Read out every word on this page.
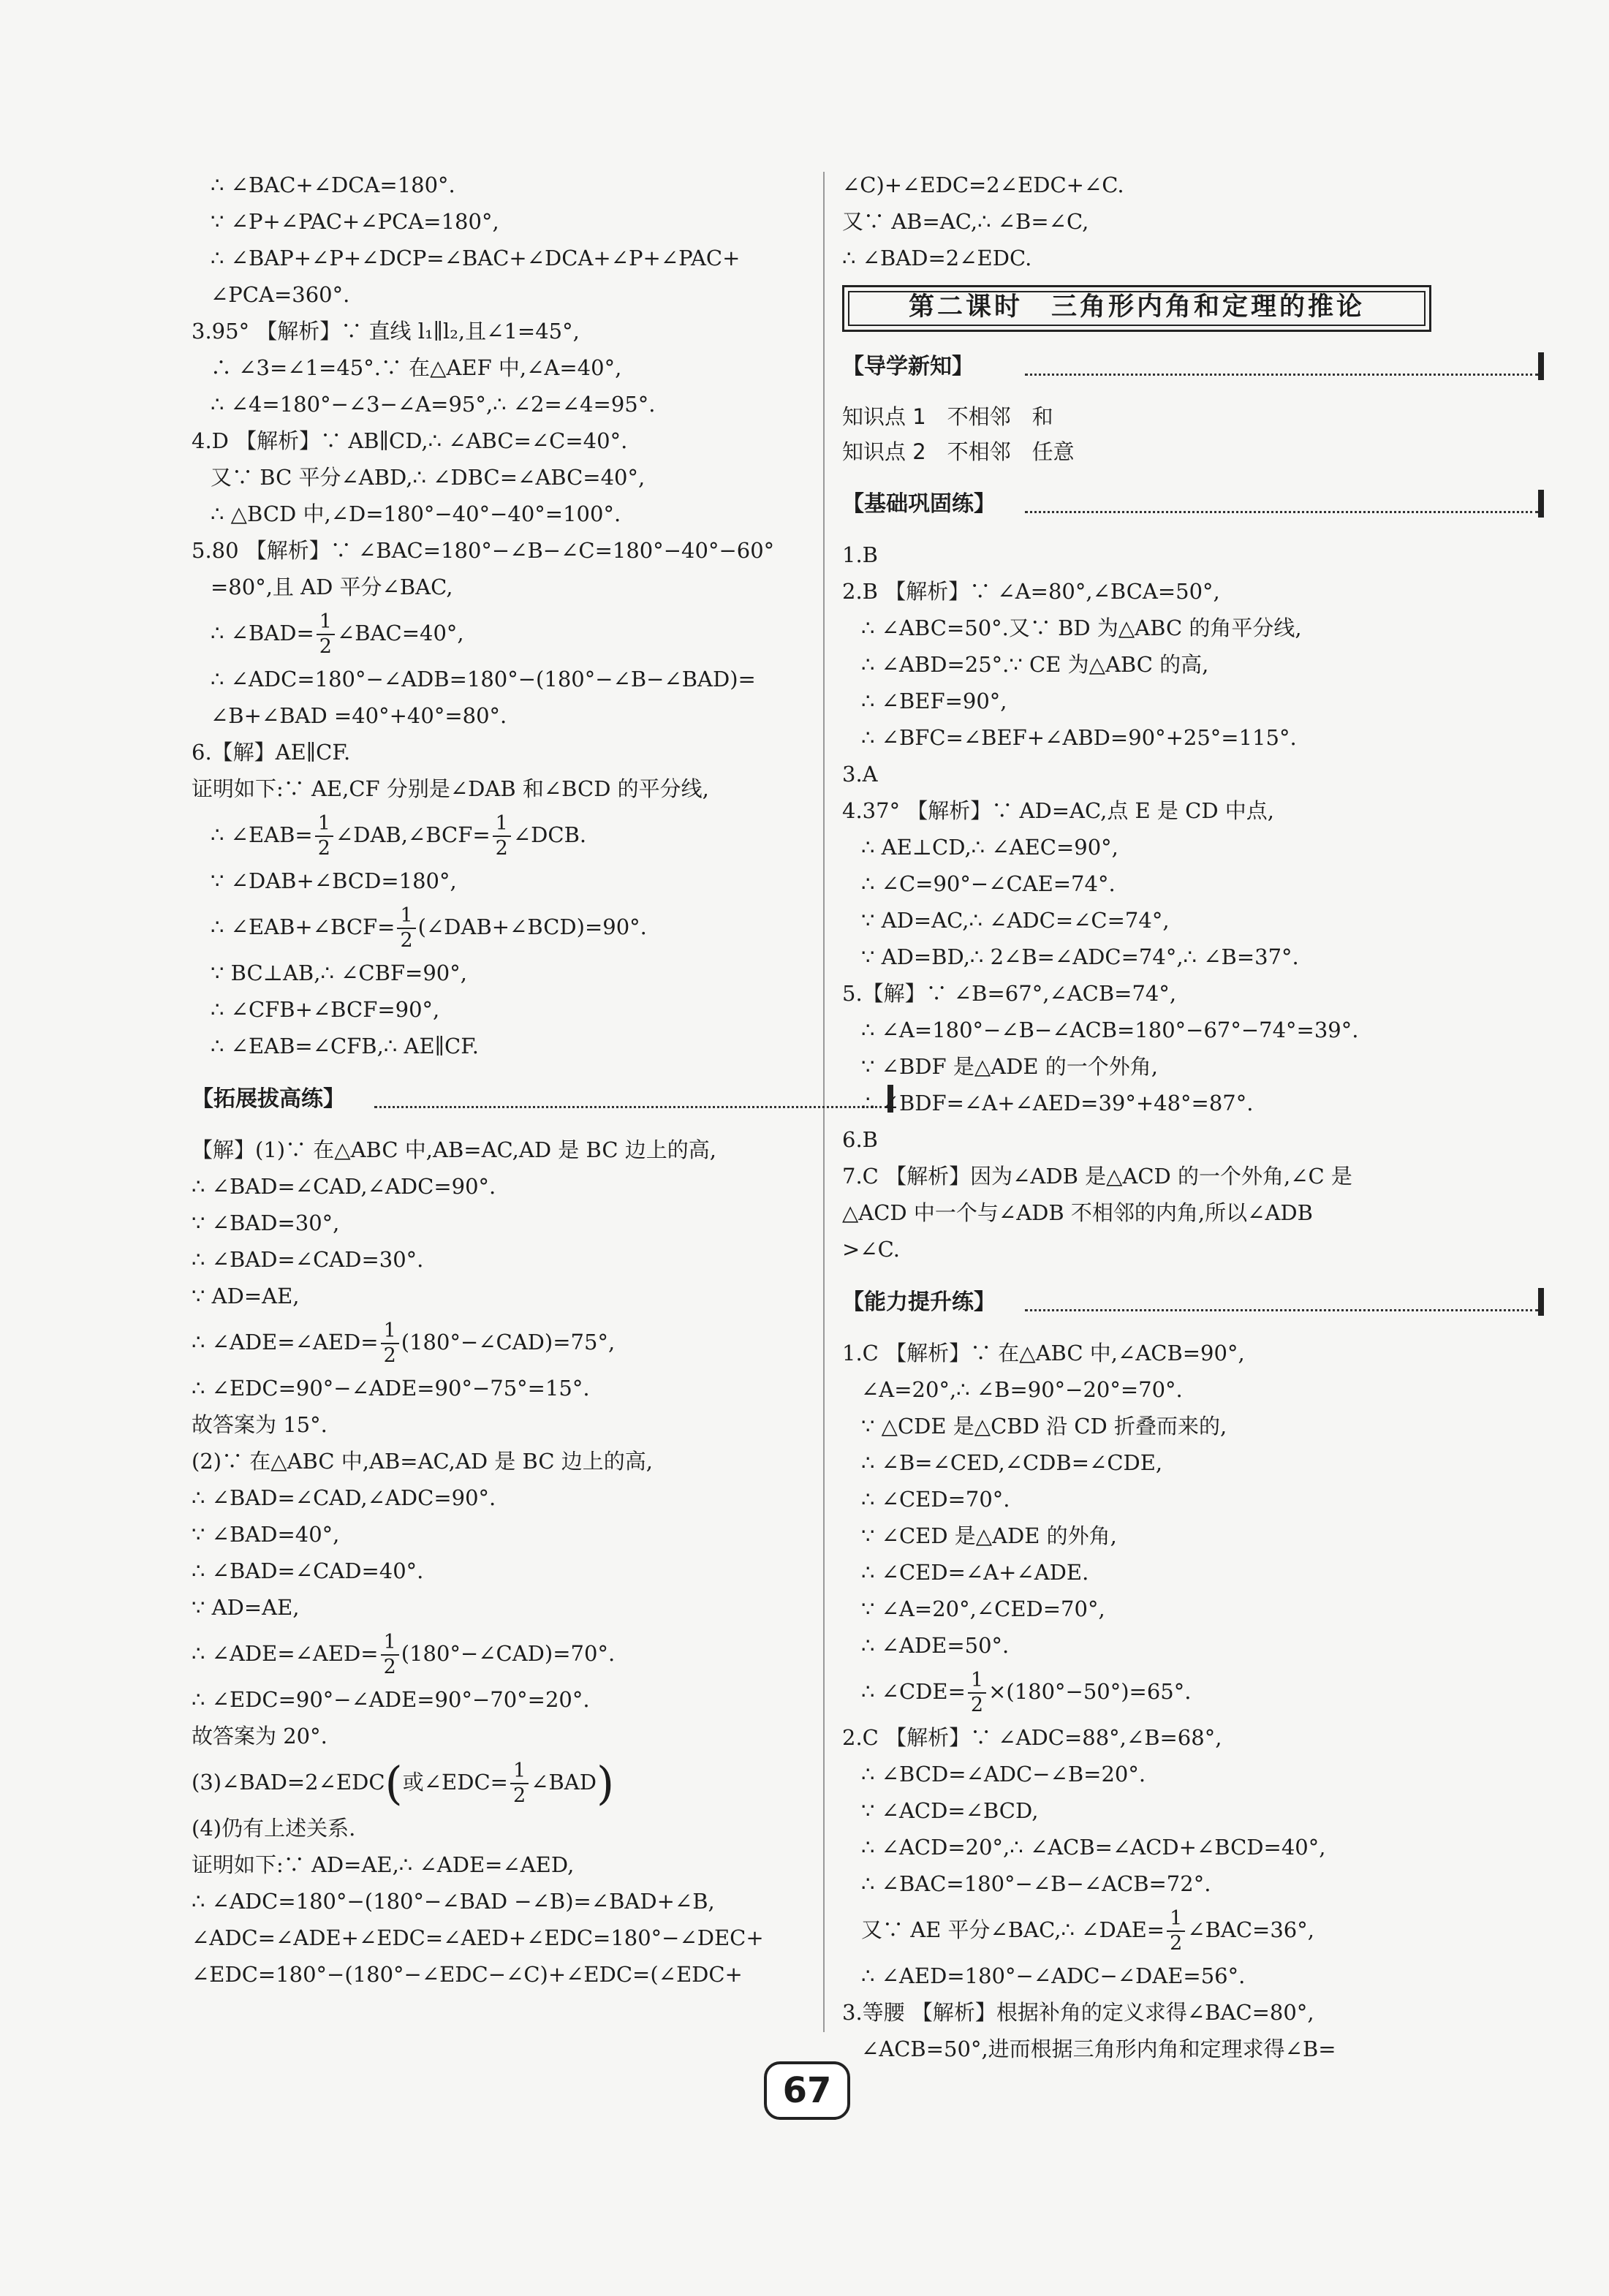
∴ ∠BAC+∠DCA=180°.
∵ ∠P+∠PAC+∠PCA=180°,
∴ ∠BAP+∠P+∠DCP=∠BAC+∠DCA+∠P+∠PAC+
∠PCA=360°.
3.95° 【解析】∵ 直线 l₁∥l₂,且∠1=45°,
∴ ∠3=∠1=45°.∵ 在△AEF 中,∠A=40°,
∴ ∠4=180°−∠3−∠A=95°,∴ ∠2=∠4=95°.
4.D 【解析】∵ AB∥CD,∴ ∠ABC=∠C=40°.
又∵ BC 平分∠ABD,∴ ∠DBC=∠ABC=40°,
∴ △BCD 中,∠D=180°−40°−40°=100°.
5.80 【解析】∵ ∠BAC=180°−∠B−∠C=180°−40°−60°
=80°,且 AD 平分∠BAC,
∴ ∠BAD= $\frac{1}{2}$ ∠BAC=40°,
∴ ∠ADC=180°−∠ADB=180°−(180°−∠B−∠BAD)=
∠B+∠BAD =40°+40°=80°.
6.【解】AE∥CF.
证明如下:∵ AE,CF 分别是∠DAB 和∠BCD 的平分线,
∴ ∠EAB= $\frac{1}{2}$ ∠DAB,∠BCF= $\frac{1}{2}$ ∠DCB.
∵ ∠DAB+∠BCD=180°,
∴ ∠EAB+∠BCF= $\frac{1}{2}$ (∠DAB+∠BCD)=90°.
∵ BC⊥AB,∴ ∠CBF=90°,
∴ ∠CFB+∠BCF=90°,
∴ ∠EAB=∠CFB,∴ AE∥CF.
【拓展拔高练】
【解】(1)∵ 在△ABC 中,AB=AC,AD 是 BC 边上的高,
∴ ∠BAD=∠CAD,∠ADC=90°.
∵ ∠BAD=30°,
∴ ∠BAD=∠CAD=30°.
∵ AD=AE,
∴ ∠ADE=∠AED= $\frac{1}{2}$ (180°−∠CAD)=75°,
∴ ∠EDC=90°−∠ADE=90°−75°=15°.
故答案为 15°.
(2)∵ 在△ABC 中,AB=AC,AD 是 BC 边上的高,
∴ ∠BAD=∠CAD,∠ADC=90°.
∵ ∠BAD=40°,
∴ ∠BAD=∠CAD=40°.
∵ AD=AE,
∴ ∠ADE=∠AED= $\frac{1}{2}$ (180°−∠CAD)=70°.
∴ ∠EDC=90°−∠ADE=90°−70°=20°.
故答案为 20°.
(3)∠BAD=2∠EDC(或∠EDC= $\frac{1}{2}$ ∠BAD)
(4)仍有上述关系.
证明如下:∵ AD=AE,∴ ∠ADE=∠AED,
∴ ∠ADC=180°−(180°−∠BAD −∠B)=∠BAD+∠B,
∠ADC=∠ADE+∠EDC=∠AED+∠EDC=180°−∠DEC+
∠EDC=180°−(180°−∠EDC−∠C)+∠EDC=(∠EDC+
∠C)+∠EDC=2∠EDC+∠C.
又∵ AB=AC,∴ ∠B=∠C,
∴ ∠BAD=2∠EDC.
第二课时　三角形内角和定理的推论
【导学新知】
知识点 1　不相邻　和
知识点 2　不相邻　任意
【基础巩固练】
1.B
2.B 【解析】∵ ∠A=80°,∠BCA=50°,
∴ ∠ABC=50°.又∵ BD 为△ABC 的角平分线,
∴ ∠ABD=25°.∵ CE 为△ABC 的高,
∴ ∠BEF=90°,
∴ ∠BFC=∠BEF+∠ABD=90°+25°=115°.
3.A
4.37° 【解析】∵ AD=AC,点 E 是 CD 中点,
∴ AE⊥CD,∴ ∠AEC=90°,
∴ ∠C=90°−∠CAE=74°.
∵ AD=AC,∴ ∠ADC=∠C=74°,
∵ AD=BD,∴ 2∠B=∠ADC=74°,∴ ∠B=37°.
5.【解】∵ ∠B=67°,∠ACB=74°,
∴ ∠A=180°−∠B−∠ACB=180°−67°−74°=39°.
∵ ∠BDF 是△ADE 的一个外角,
∴ ∠BDF=∠A+∠AED=39°+48°=87°.
6.B
7.C 【解析】因为∠ADB 是△ACD 的一个外角,∠C 是
△ACD 中一个与∠ADB 不相邻的内角,所以∠ADB
>∠C.
【能力提升练】
1.C 【解析】∵ 在△ABC 中,∠ACB=90°,
∠A=20°,∴ ∠B=90°−20°=70°.
∵ △CDE 是△CBD 沿 CD 折叠而来的,
∴ ∠B=∠CED,∠CDB=∠CDE,
∴ ∠CED=70°.
∵ ∠CED 是△ADE 的外角,
∴ ∠CED=∠A+∠ADE.
∵ ∠A=20°,∠CED=70°,
∴ ∠ADE=50°.
∴ ∠CDE= $\frac{1}{2} \times(180^\circ-50^\circ)=65^\circ$.
2.C 【解析】∵ ∠ADC=88°,∠B=68°,
∴ ∠BCD=∠ADC−∠B=20°.
∵ ∠ACD=∠BCD,
∴ ∠ACD=20°,∴ ∠ACB=∠ACD+∠BCD=40°,
∴ ∠BAC=180°−∠B−∠ACB=72°.
又∵ AE 平分∠BAC,∴ ∠DAE= $\frac{1}{2}$ ∠BAC=36°,
∴ ∠AED=180°−∠ADC−∠DAE=56°.
3.等腰 【解析】根据补角的定义求得∠BAC=80°,
∠ACB=50°,进而根据三角形内角和定理求得∠B=
67
